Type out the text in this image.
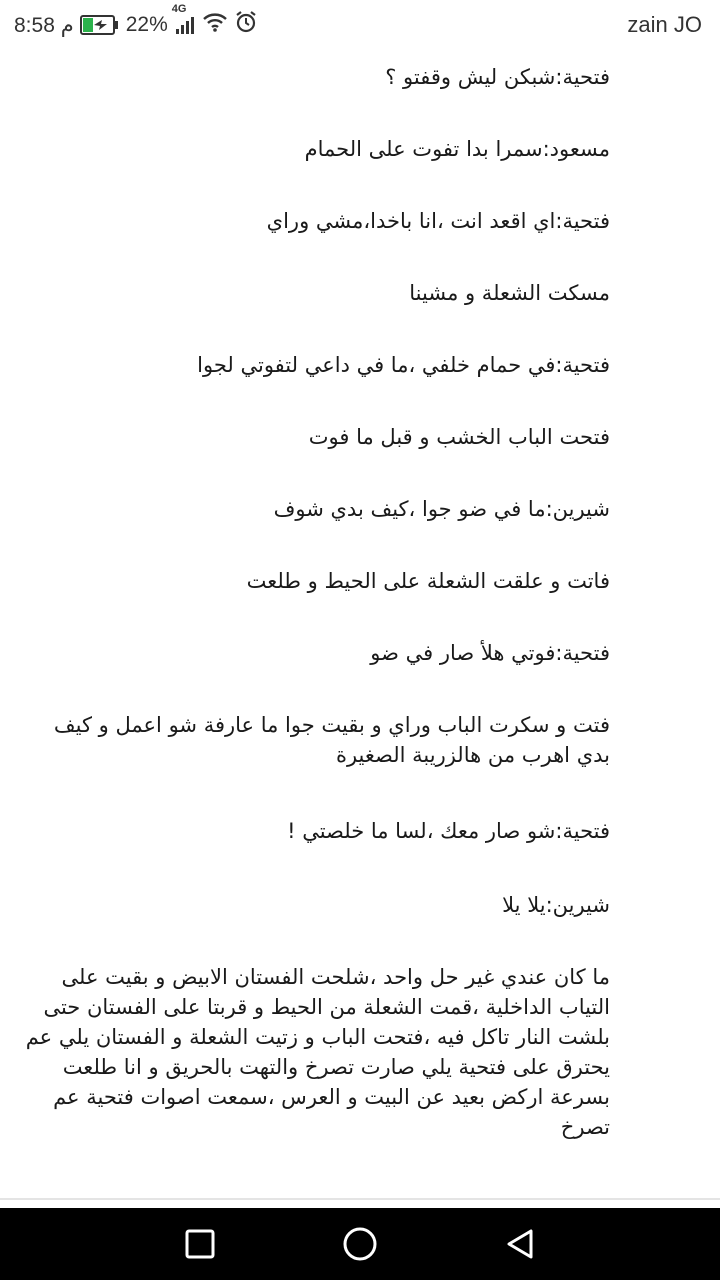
8:58 م 22%
4G
zain JO

فتحية:شبكن ليش وقفتو ؟

مسعود:سمرا بدا تفوت على الحمام

فتحية:اي اقعد انت ،انا باخدا،مشي وراي

مسكت الشعلة و مشينا

فتحية:في حمام خلفي ،ما في داعي لتفوتي لجوا

فتحت الباب الخشب و قبل ما فوت

شيرين:ما في ضو جوا ،كيف بدي شوف

فاتت و علقت الشعلة على الحيط و طلعت

فتحية:فوتي هلأ صار في ضو

فتت و سكرت الباب وراي و بقيت جوا ما عارفة شو اعمل و كيف بدي اهرب من هالزريبة الصغيرة

فتحية:شو صار معك ،لسا ما خلصتي !

شيرين:يلا يلا

ما كان عندي غير حل واحد ،شلحت الفستان الابيض و بقيت على التياب الداخلية ،قمت الشعلة من الحيط و قربتا على الفستان حتى بلشت النار تاكل فيه ،فتحت الباب و زتيت الشعلة و الفستان يلي عم يحترق على فتحية يلي صارت تصرخ والتهت بالحريق و انا طلعت بسرعة اركض بعيد عن البيت و العرس ،سمعت اصوات فتحية عم تصرخ
